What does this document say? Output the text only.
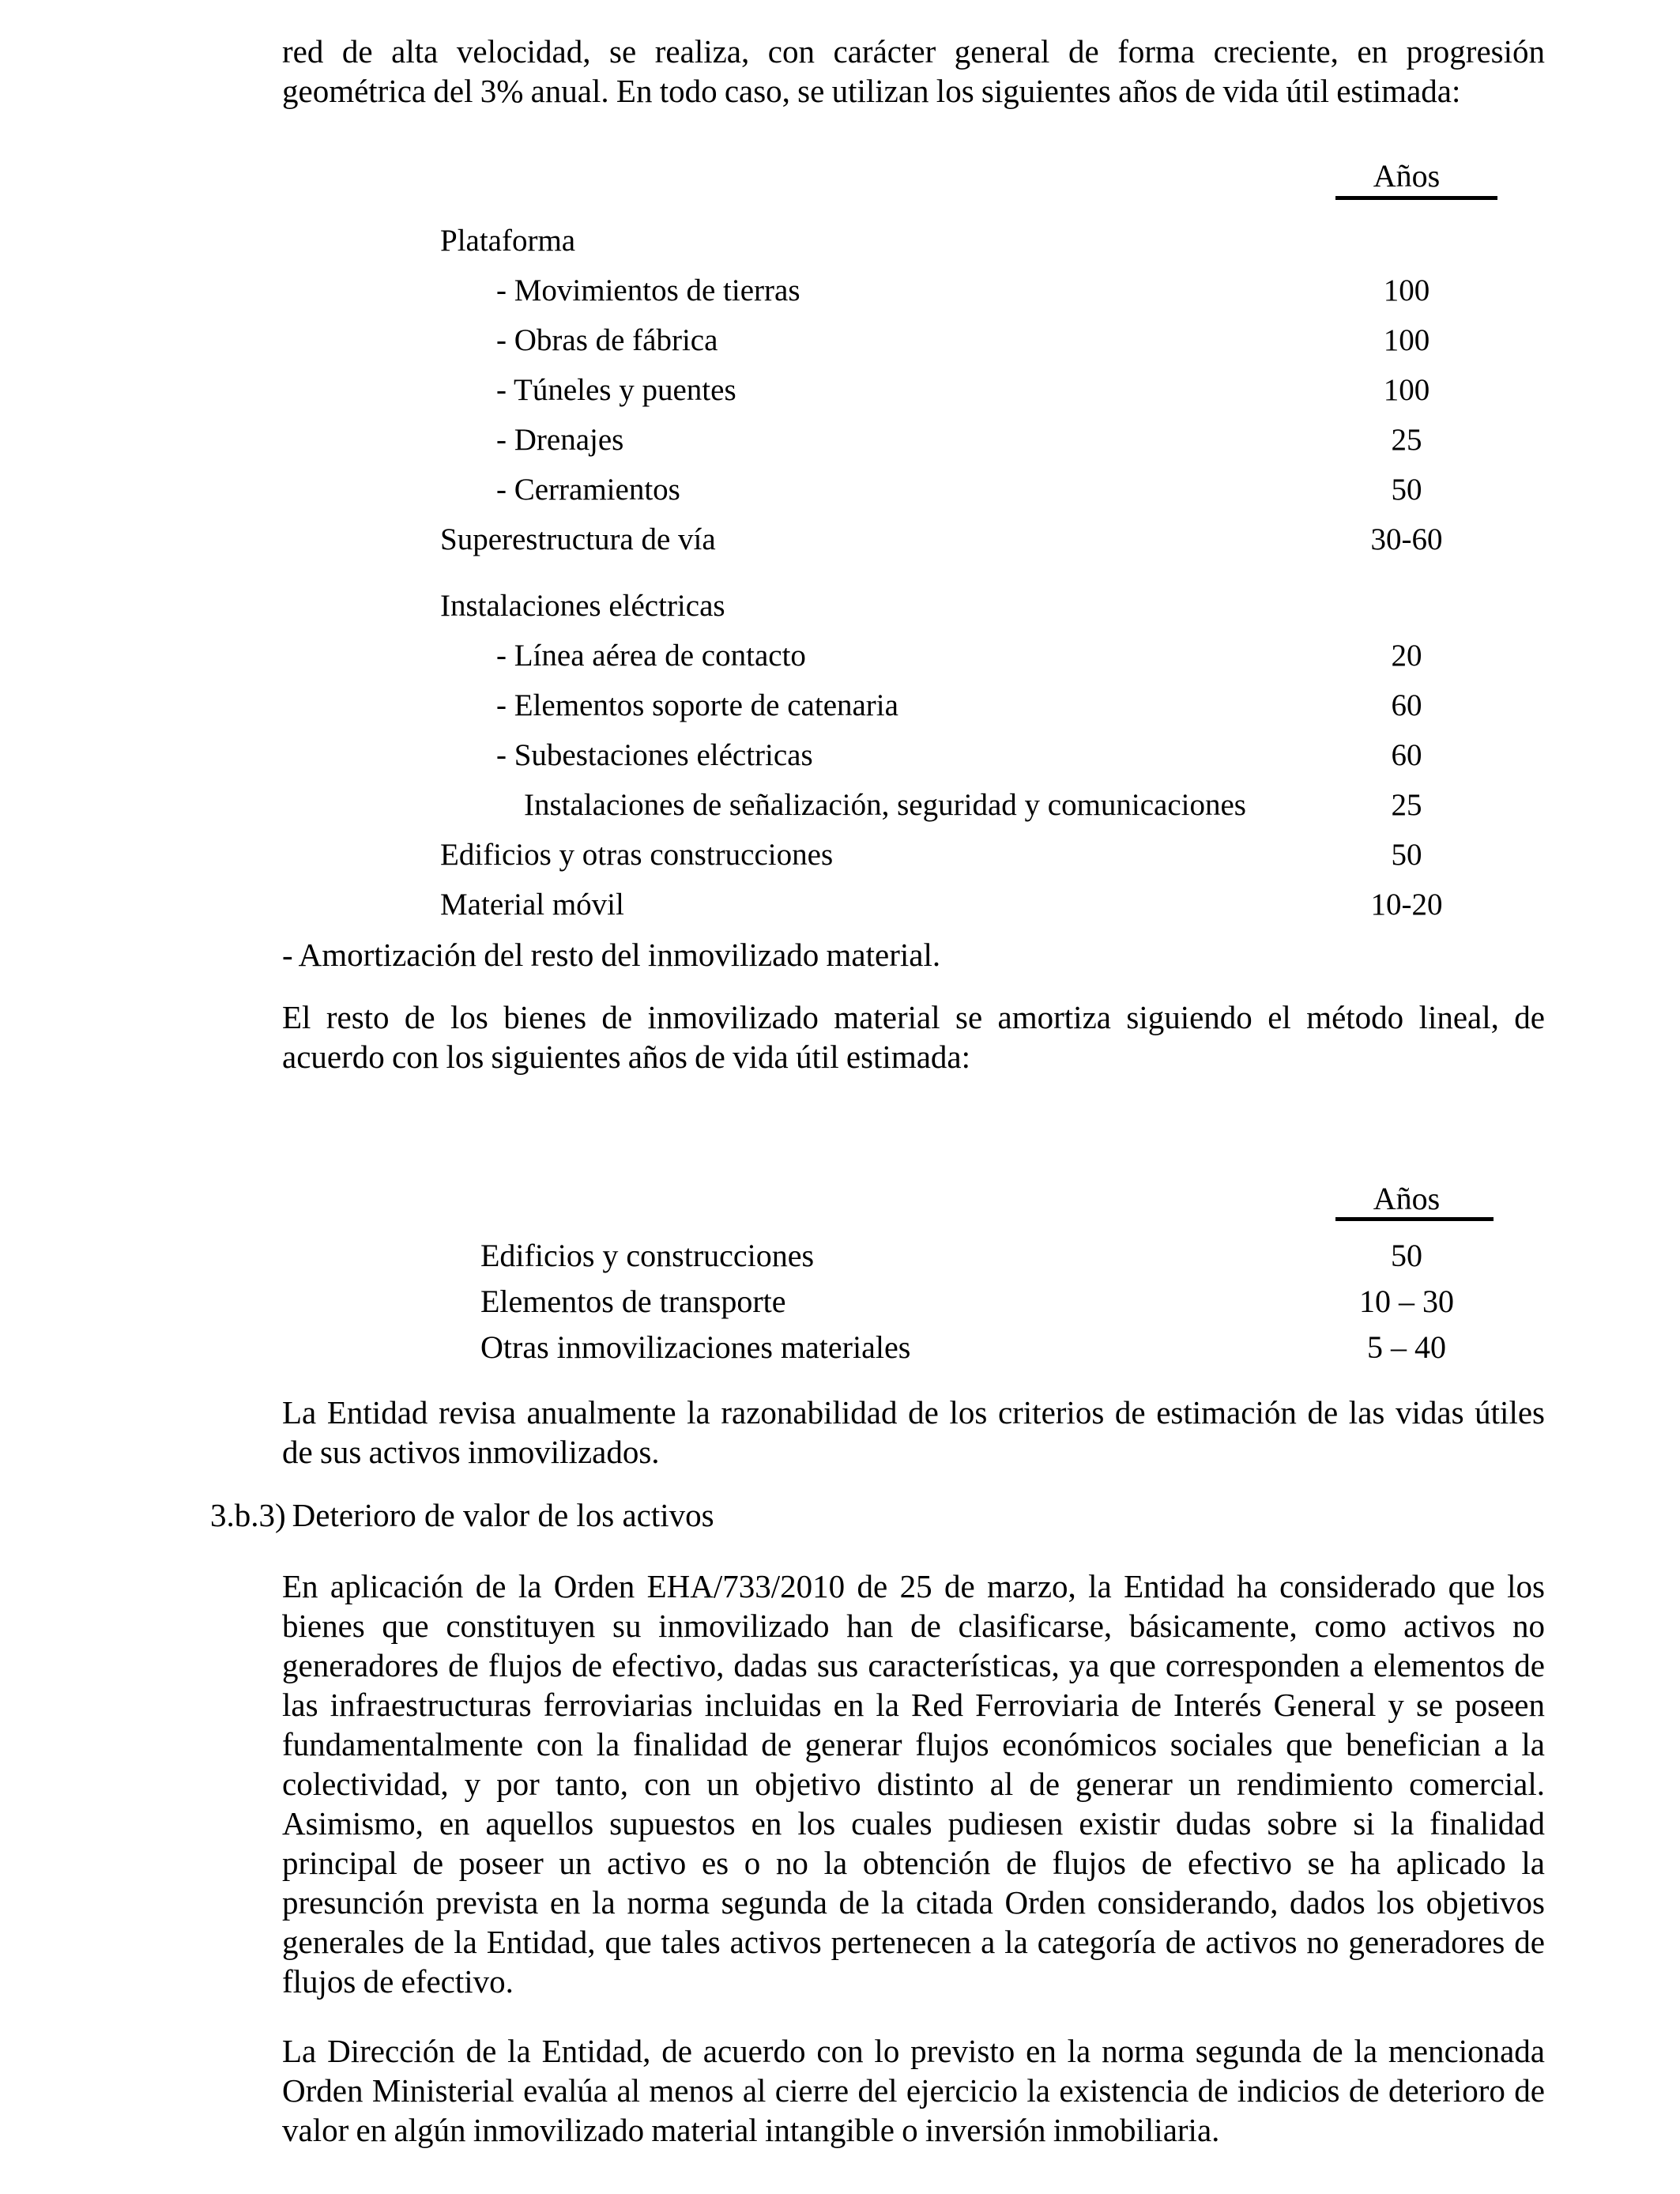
red de alta velocidad, se realiza, con carácter general de forma creciente, en progresión
geométrica del 3% anual. En todo caso, se utilizan los siguientes años de vida útil estimada:
Años
Plataforma
- Movimientos de tierras	100
- Obras de fábrica	100
- Túneles y puentes	100
- Drenajes	25
- Cerramientos	50
Superestructura de vía	30-60
Instalaciones eléctricas
- Línea aérea de contacto	20
- Elementos soporte de catenaria	60
- Subestaciones eléctricas	60
Instalaciones de señalización, seguridad y comunicaciones	25
Edificios y otras construcciones	50
Material móvil	10-20
- Amortización del resto del inmovilizado material.
El resto de los bienes de inmovilizado material se amortiza siguiendo el método lineal, de
acuerdo con los siguientes años de vida útil estimada:
Años
Edificios y construcciones	50
Elementos de transporte	10 – 30
Otras inmovilizaciones materiales	5 – 40
La Entidad revisa anualmente la razonabilidad de los criterios de estimación de las vidas útiles
de sus activos inmovilizados.
3.b.3) Deterioro de valor de los activos
En aplicación de la Orden EHA/733/2010 de 25 de marzo, la Entidad ha considerado que los
bienes que constituyen su inmovilizado han de clasificarse, básicamente, como activos no
generadores de flujos de efectivo, dadas sus características, ya que corresponden a elementos de
las infraestructuras ferroviarias incluidas en la Red Ferroviaria de Interés General y se poseen
fundamentalmente con la finalidad de generar flujos económicos sociales que benefician a la
colectividad, y por tanto, con un objetivo distinto al de generar un rendimiento comercial.
Asimismo, en aquellos supuestos en los cuales pudiesen existir dudas sobre si la finalidad
principal de poseer un activo es o no la obtención de flujos de efectivo se ha aplicado la
presunción prevista en la norma segunda de la citada Orden considerando, dados los objetivos
generales de la Entidad, que tales activos pertenecen a la categoría de activos no generadores de
flujos de efectivo.
La Dirección de la Entidad, de acuerdo con lo previsto en la norma segunda de la mencionada
Orden Ministerial evalúa al menos al cierre del ejercicio la existencia de indicios de deterioro de
valor en algún inmovilizado material intangible o inversión inmobiliaria.
